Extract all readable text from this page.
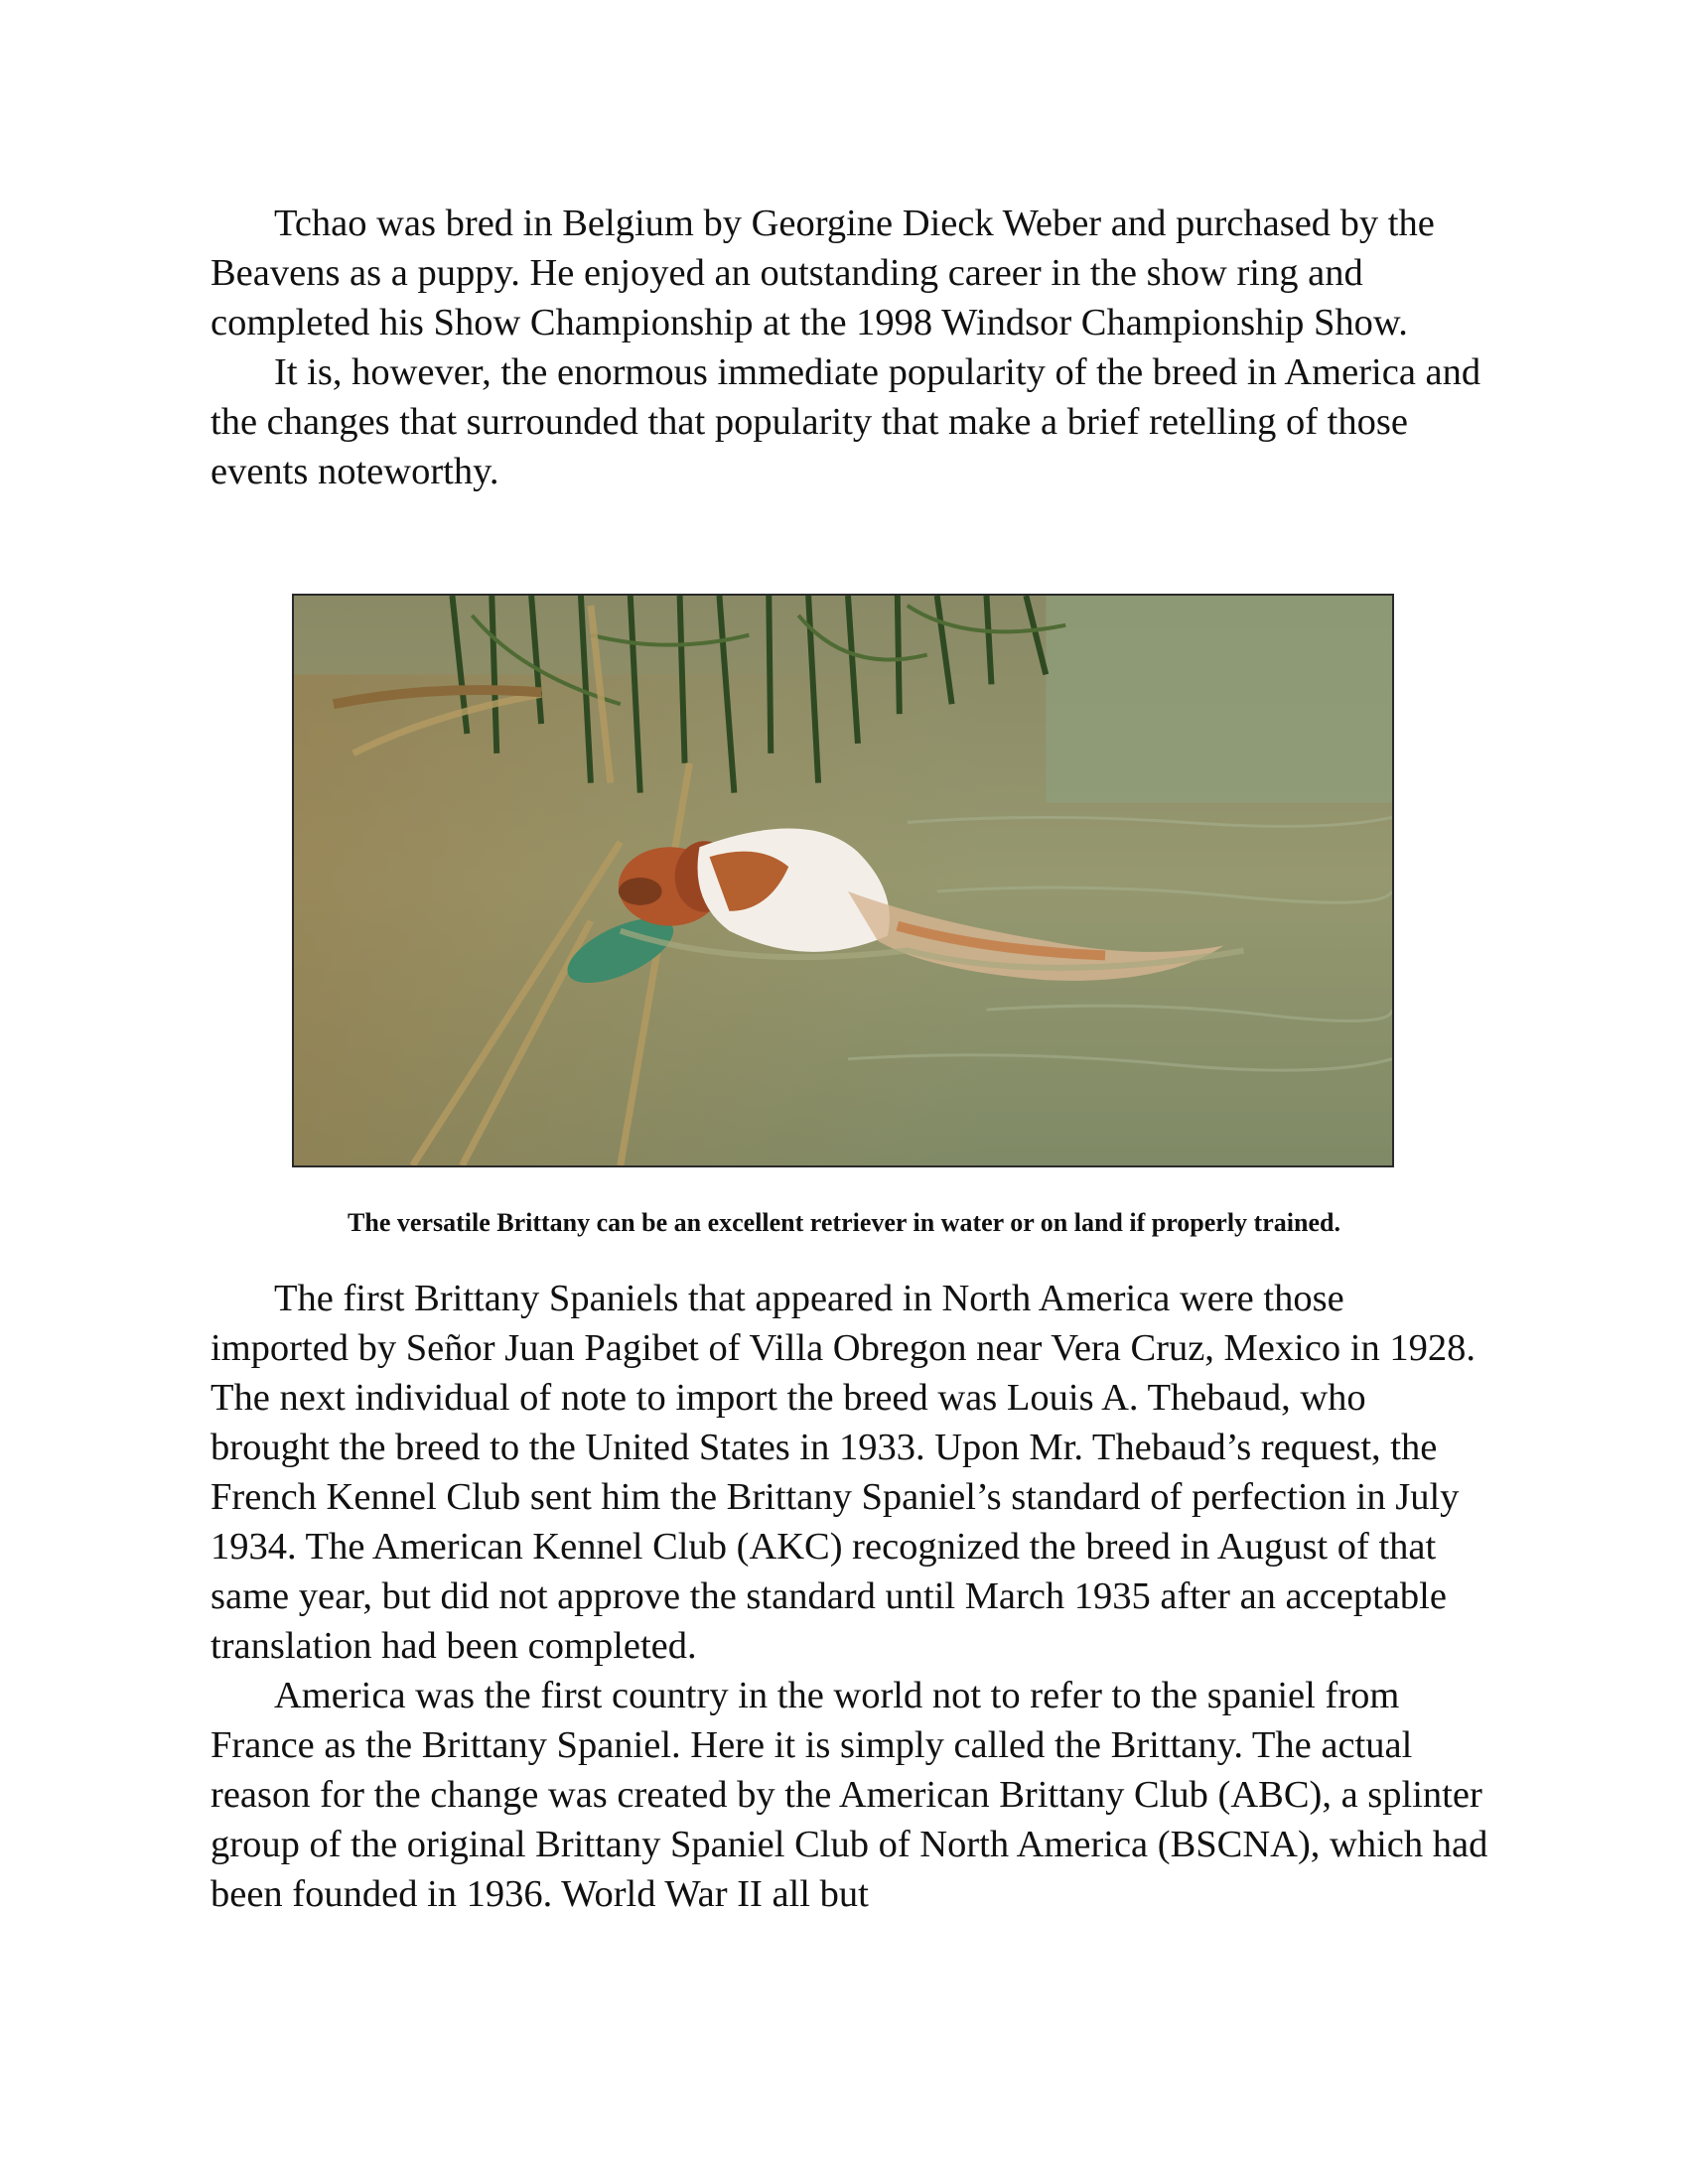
Tchao was bred in Belgium by Georgine Dieck Weber and purchased by the Beavens as a puppy. He enjoyed an outstanding career in the show ring and completed his Show Championship at the 1998 Windsor Championship Show.

It is, however, the enormous immediate popularity of the breed in America and the changes that surrounded that popularity that make a brief retelling of those events noteworthy.

The versatile Brittany can be an excellent retriever in water or on land if properly trained.

The first Brittany Spaniels that appeared in North America were those imported by Señor Juan Pagibet of Villa Obregon near Vera Cruz, Mexico in 1928. The next individual of note to import the breed was Louis A. Thebaud, who brought the breed to the United States in 1933. Upon Mr. Thebaud’s request, the French Kennel Club sent him the Brittany Spaniel’s standard of perfection in July 1934. The American Kennel Club (AKC) recognized the breed in August of that same year, but did not approve the standard until March 1935 after an acceptable translation had been completed.

America was the first country in the world not to refer to the spaniel from France as the Brittany Spaniel. Here it is simply called the Brittany. The actual reason for the change was created by the American Brittany Club (ABC), a splinter group of the original Brittany Spaniel Club of North America (BSCNA), which had been founded in 1936. World War II all but
